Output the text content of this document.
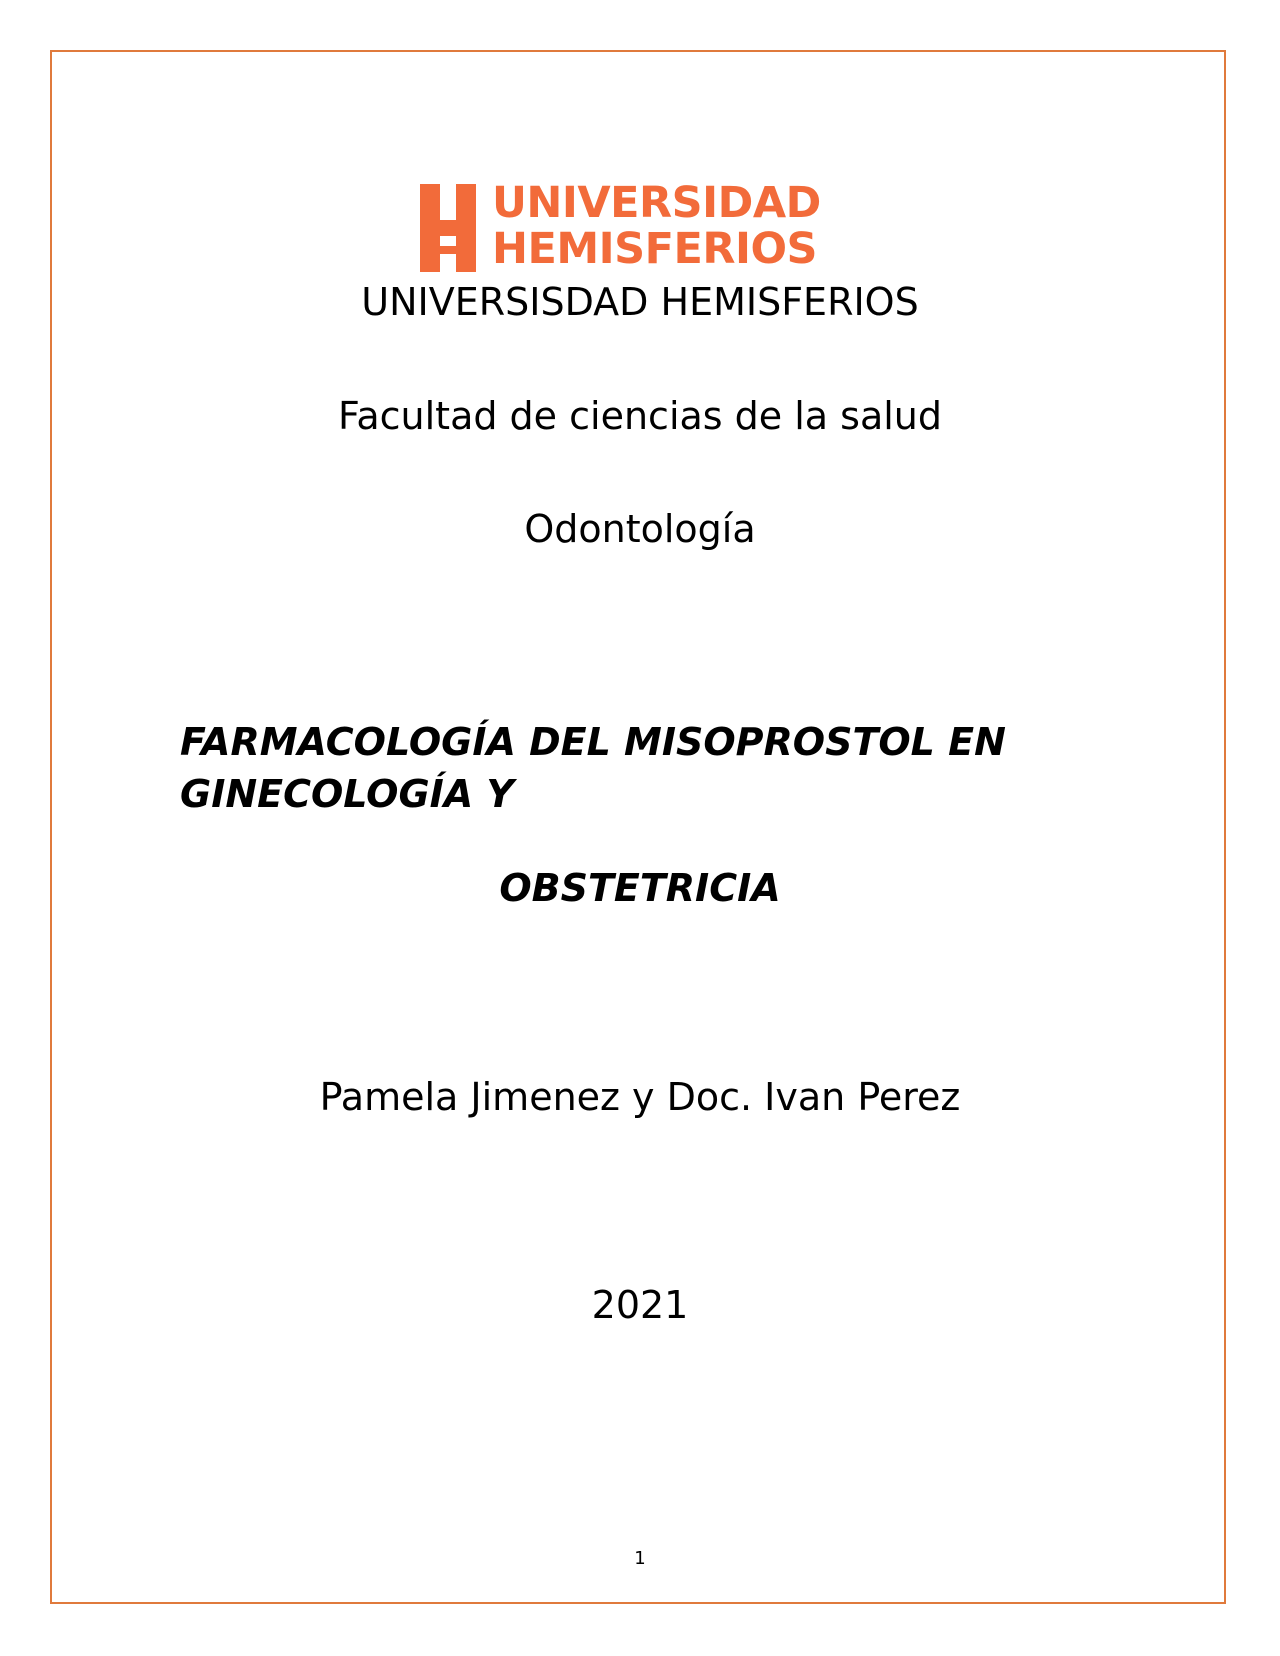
UNIVERSIDAD
HEMISFERIOS
UNIVERSISDAD HEMISFERIOS
Facultad de ciencias de la salud
Odontología
FARMACOLOGÍA DEL MISOPROSTOL EN
GINECOLOGÍA Y
OBSTETRICIA
Pamela Jimenez y Doc. Ivan Perez
2021
1
